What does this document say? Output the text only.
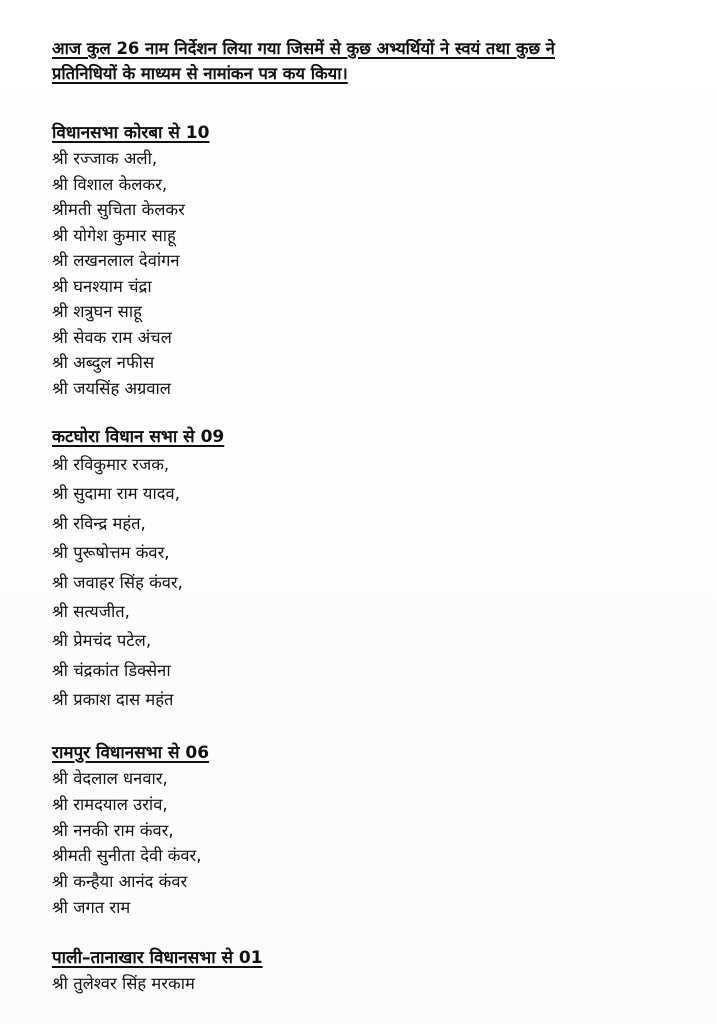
आज कुल 26 नाम निर्देशन लिया गया जिसमें से कुछ अभ्यर्थियों ने स्वयं तथा कुछ ने
प्रतिनिधियों के माध्यम से नामांकन पत्र कय किया।
विधानसभा कोरबा से 10
श्री रज्जाक अली,
श्री विशाल केलकर,
श्रीमती सुचिता केलकर
श्री योगेश कुमार साहू
श्री लखनलाल देवांगन
श्री घनश्याम चंद्रा
श्री शत्रुघन साहू
श्री सेवक राम अंचल
श्री अब्दुल नफीस
श्री जयसिंह अग्रवाल
कटघोरा विधान सभा से 09
श्री रविकुमार रजक,
श्री सुदामा राम यादव,
श्री रविन्द्र महंत,
श्री पुरूषोत्तम कंवर,
श्री जवाहर सिंह कंवर,
श्री सत्यजीत,
श्री प्रेमचंद पटेल,
श्री चंद्रकांत डिक्सेना
श्री प्रकाश दास महंत
रामपुर विधानसभा से 06
श्री वेदलाल धनवार,
श्री रामदयाल उरांव,
श्री ननकी राम कंवर,
श्रीमती सुनीता देवी कंवर,
श्री कन्हैया आनंद कंवर
श्री जगत राम
पाली–तानाखार विधानसभा से 01
श्री तुलेश्वर सिंह मरकाम
